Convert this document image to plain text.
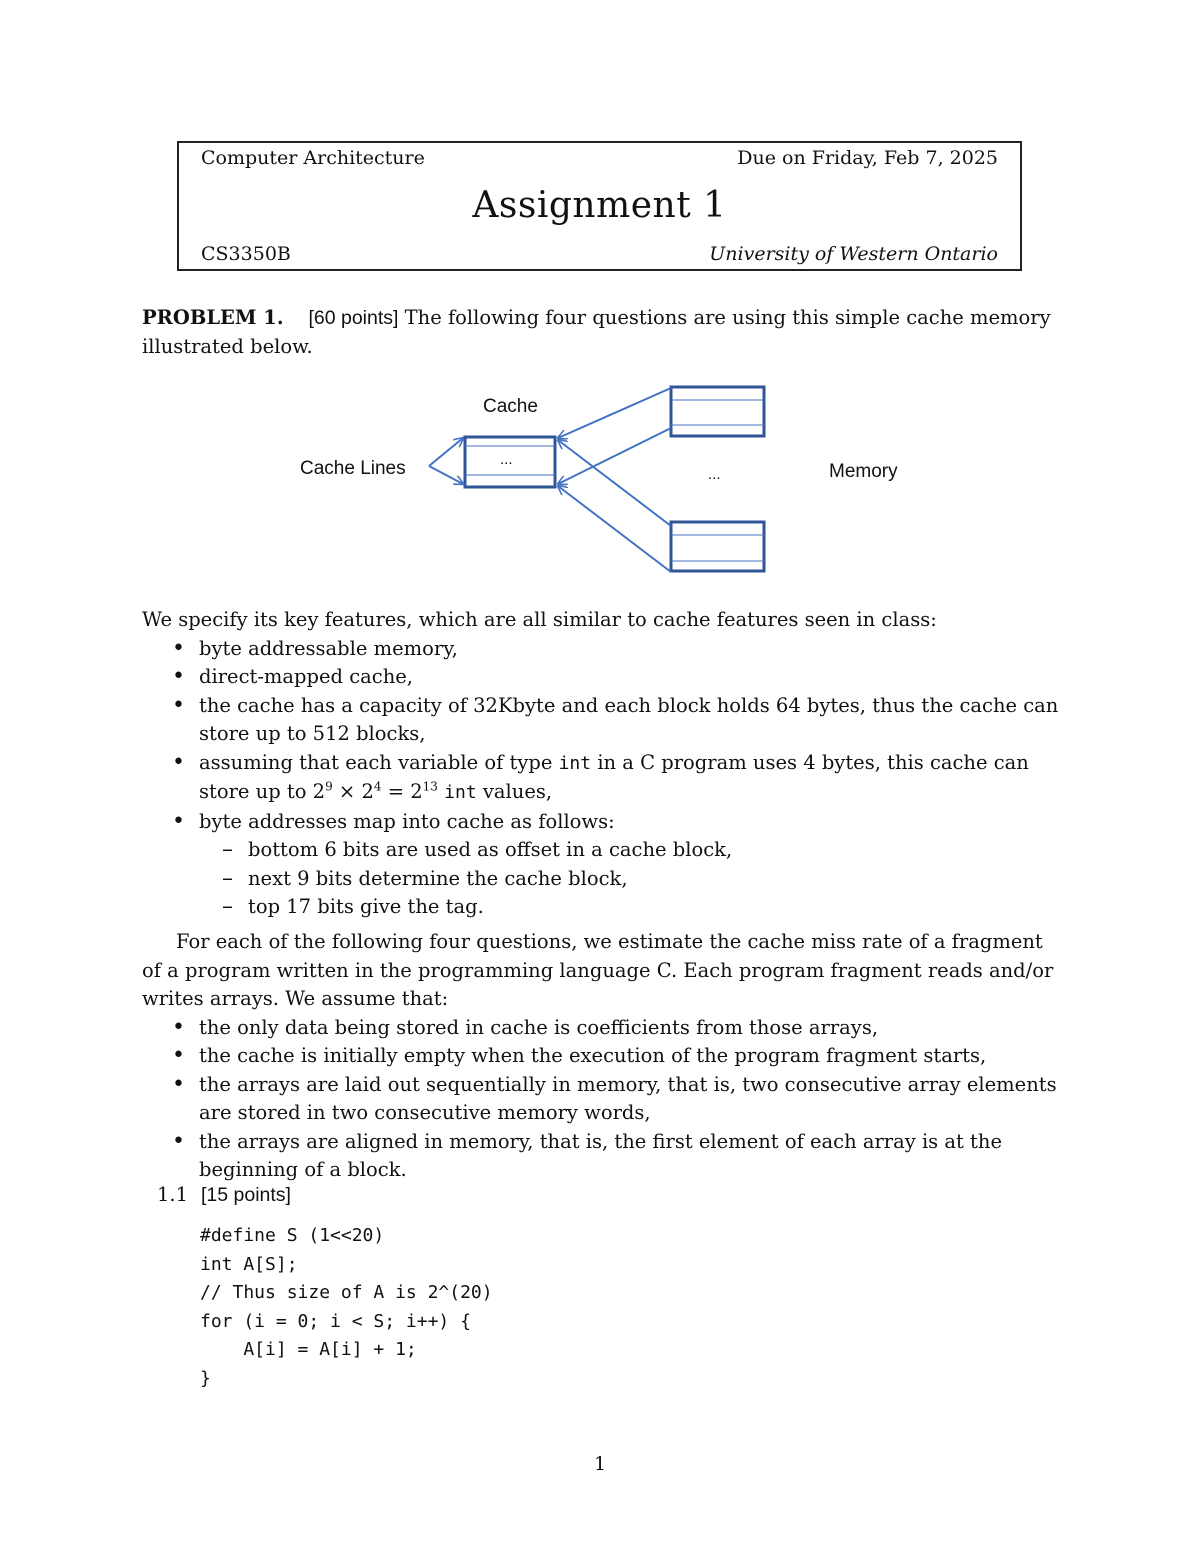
Computer Architecture	Due on Friday, Feb 7, 2025
Assignment 1
CS3350B	University of Western Ontario
PROBLEM 1. [60 points] The following four questions are using this simple cache memory illustrated below.
Cache
Cache Lines	Memory
...
...
We specify its key features, which are all similar to cache features seen in class:
• byte addressable memory,
• direct-mapped cache,
• the cache has a capacity of 32Kbyte and each block holds 64 bytes, thus the cache can store up to 512 blocks,
• assuming that each variable of type int in a C program uses 4 bytes, this cache can store up to $2^9 \times 2^4 = 2^{13}$ int values,
• byte addresses map into cache as follows:
– bottom 6 bits are used as offset in a cache block,
– next 9 bits determine the cache block,
– top 17 bits give the tag.
For each of the following four questions, we estimate the cache miss rate of a fragment of a program written in the programming language C. Each program fragment reads and/or writes arrays. We assume that:
• the only data being stored in cache is coefficients from those arrays,
• the cache is initially empty when the execution of the program fragment starts,
• the arrays are laid out sequentially in memory, that is, two consecutive array elements are stored in two consecutive memory words,
• the arrays are aligned in memory, that is, the first element of each array is at the beginning of a block.
1.1 [15 points]
#define S (1<<20)
int A[S];
// Thus size of A is 2^(20)
for (i = 0; i < S; i++) {
A[i] = A[i] + 1;
}
1
